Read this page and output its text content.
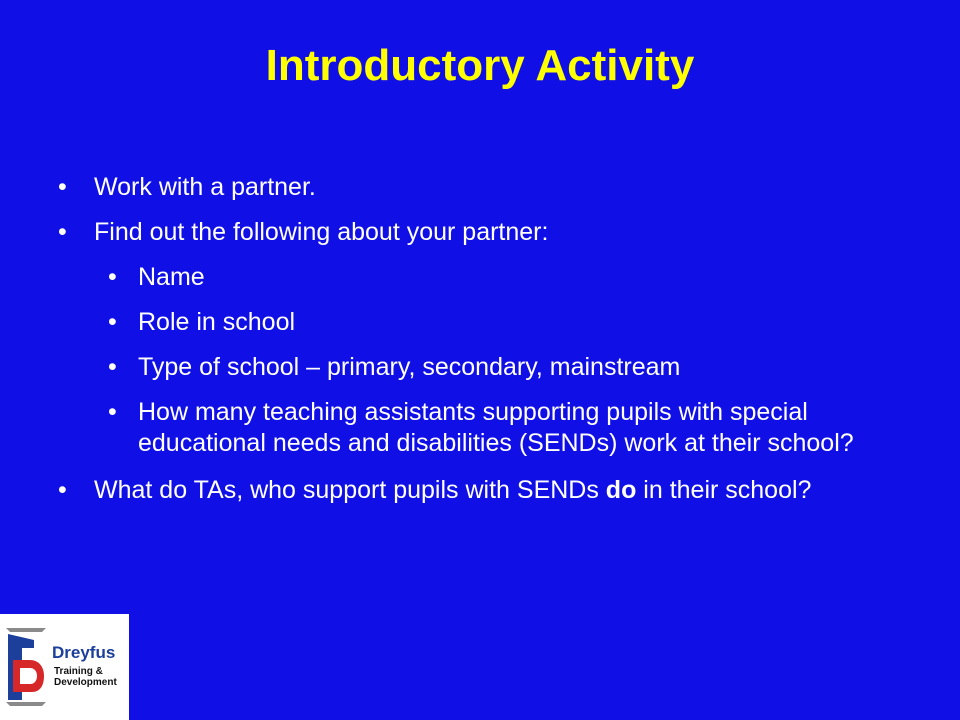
Introductory Activity
• Work with a partner.
• Find out the following about your partner:
• Name
• Role in school
• Type of school – primary, secondary, mainstream
• How many teaching assistants supporting pupils with special educational needs and disabilities (SENDs) work at their school?
• What do TAs, who support pupils with SENDs do in their school?
Dreyfus
Training &
Development
